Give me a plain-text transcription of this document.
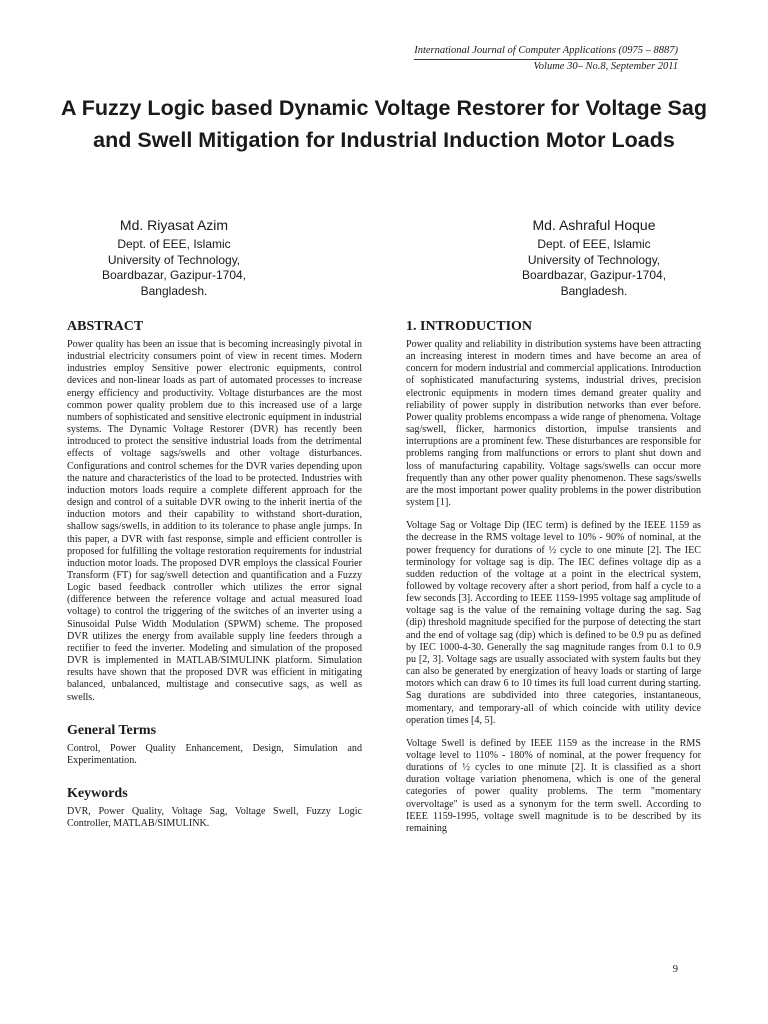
International Journal of Computer Applications (0975 – 8887)
Volume 30– No.8, September 2011
A Fuzzy Logic based Dynamic Voltage Restorer for Voltage Sag and Swell Mitigation for Industrial Induction Motor Loads
Md. Riyasat Azim
Dept. of EEE, Islamic
University of Technology,
Boardbazar, Gazipur-1704,
Bangladesh.
Md. Ashraful Hoque
Dept. of EEE, Islamic
University of Technology,
Boardbazar, Gazipur-1704,
Bangladesh.
ABSTRACT

Power quality has been an issue that is becoming increasingly pivotal in industrial electricity consumers point of view in recent times. Modern industries employ Sensitive power electronic equipments, control devices and non-linear loads as part of automated processes to increase energy efficiency and productivity. Voltage disturbances are the most common power quality problem due to this increased use of a large numbers of sophisticated and sensitive electronic equipment in industrial systems. The Dynamic Voltage Restorer (DVR) has recently been introduced to protect the sensitive industrial loads from the detrimental effects of voltage sags/swells and other voltage disturbances. Configurations and control schemes for the DVR varies depending upon the nature and characteristics of the load to be protected. Industries with induction motors loads require a complete different approach for the design and control of a suitable DVR owing to the inherit inertia of the induction motors and their capability to withstand short-duration, shallow sags/swells, in addition to its tolerance to phase angle jumps. In this paper, a DVR with fast response, simple and efficient controller is proposed for fulfilling the voltage restoration requirements for industrial induction motor loads. The proposed DVR employs the classical Fourier Transform (FT) for sag/swell detection and quantification and a Fuzzy Logic based feedback controller which utilizes the error signal (difference between the reference voltage and actual measured load voltage) to control the triggering of the switches of an inverter using a Sinusoidal Pulse Width Modulation (SPWM) scheme. The proposed DVR utilizes the energy from available supply line feeders through a rectifier to feed the inverter. Modeling and simulation of the proposed DVR is implemented in MATLAB/SIMULINK platform. Simulation results have shown that the proposed DVR was efficient in mitigating balanced, unbalanced, multistage and consecutive sags, as well as swells.

General Terms

Control, Power Quality Enhancement, Design, Simulation and Experimentation.

Keywords

DVR, Power Quality, Voltage Sag, Voltage Swell, Fuzzy Logic Controller, MATLAB/SIMULINK.

1. INTRODUCTION

Power quality and reliability in distribution systems have been attracting an increasing interest in modern times and have become an area of concern for modern industrial and commercial applications. Introduction of sophisticated manufacturing systems, industrial drives, precision electronic equipments in modern times demand greater quality and reliability of power supply in distribution networks than ever before. Power quality problems encompass a wide range of phenomena. Voltage sag/swell, flicker, harmonics distortion, impulse transients and interruptions are a prominent few. These disturbances are responsible for problems ranging from malfunctions or errors to plant shut down and loss of manufacturing capability. Voltage sags/swells can occur more frequently than any other power quality phenomenon. These sags/swells are the most important power quality problems in the power distribution system [1].

Voltage Sag or Voltage Dip (IEC term) is defined by the IEEE 1159 as the decrease in the RMS voltage level to 10% - 90% of nominal, at the power frequency for durations of ½ cycle to one minute [2]. The IEC terminology for voltage sag is dip. The IEC defines voltage dip as a sudden reduction of the voltage at a point in the electrical system, followed by voltage recovery after a short period, from half a cycle to a few seconds [3]. According to IEEE 1159-1995 voltage sag amplitude of voltage sag is the value of the remaining voltage during the sag. Sag (dip) threshold magnitude specified for the purpose of detecting the start and the end of voltage sag (dip) which is defined to be 0.9 pu as defined by IEC 1000-4-30. Generally the sag magnitude ranges from 0.1 to 0.9 pu [2, 3]. Voltage sags are usually associated with system faults but they can also be generated by energization of heavy loads or starting of large motors which can draw 6 to 10 times its full load current during starting. Sag durations are subdivided into three categories, instantaneous, momentary, and temporary-all of which coincide with utility device operation times [4, 5].

Voltage Swell is defined by IEEE 1159 as the increase in the RMS voltage level to 110% - 180% of nominal, at the power frequency for durations of ½ cycles to one minute [2]. It is classified as a short duration voltage variation phenomena, which is one of the general categories of power quality problems. The term "momentary overvoltage" is used as a synonym for the term swell. According to IEEE 1159-1995, voltage swell magnitude is to be described by its remaining

9
